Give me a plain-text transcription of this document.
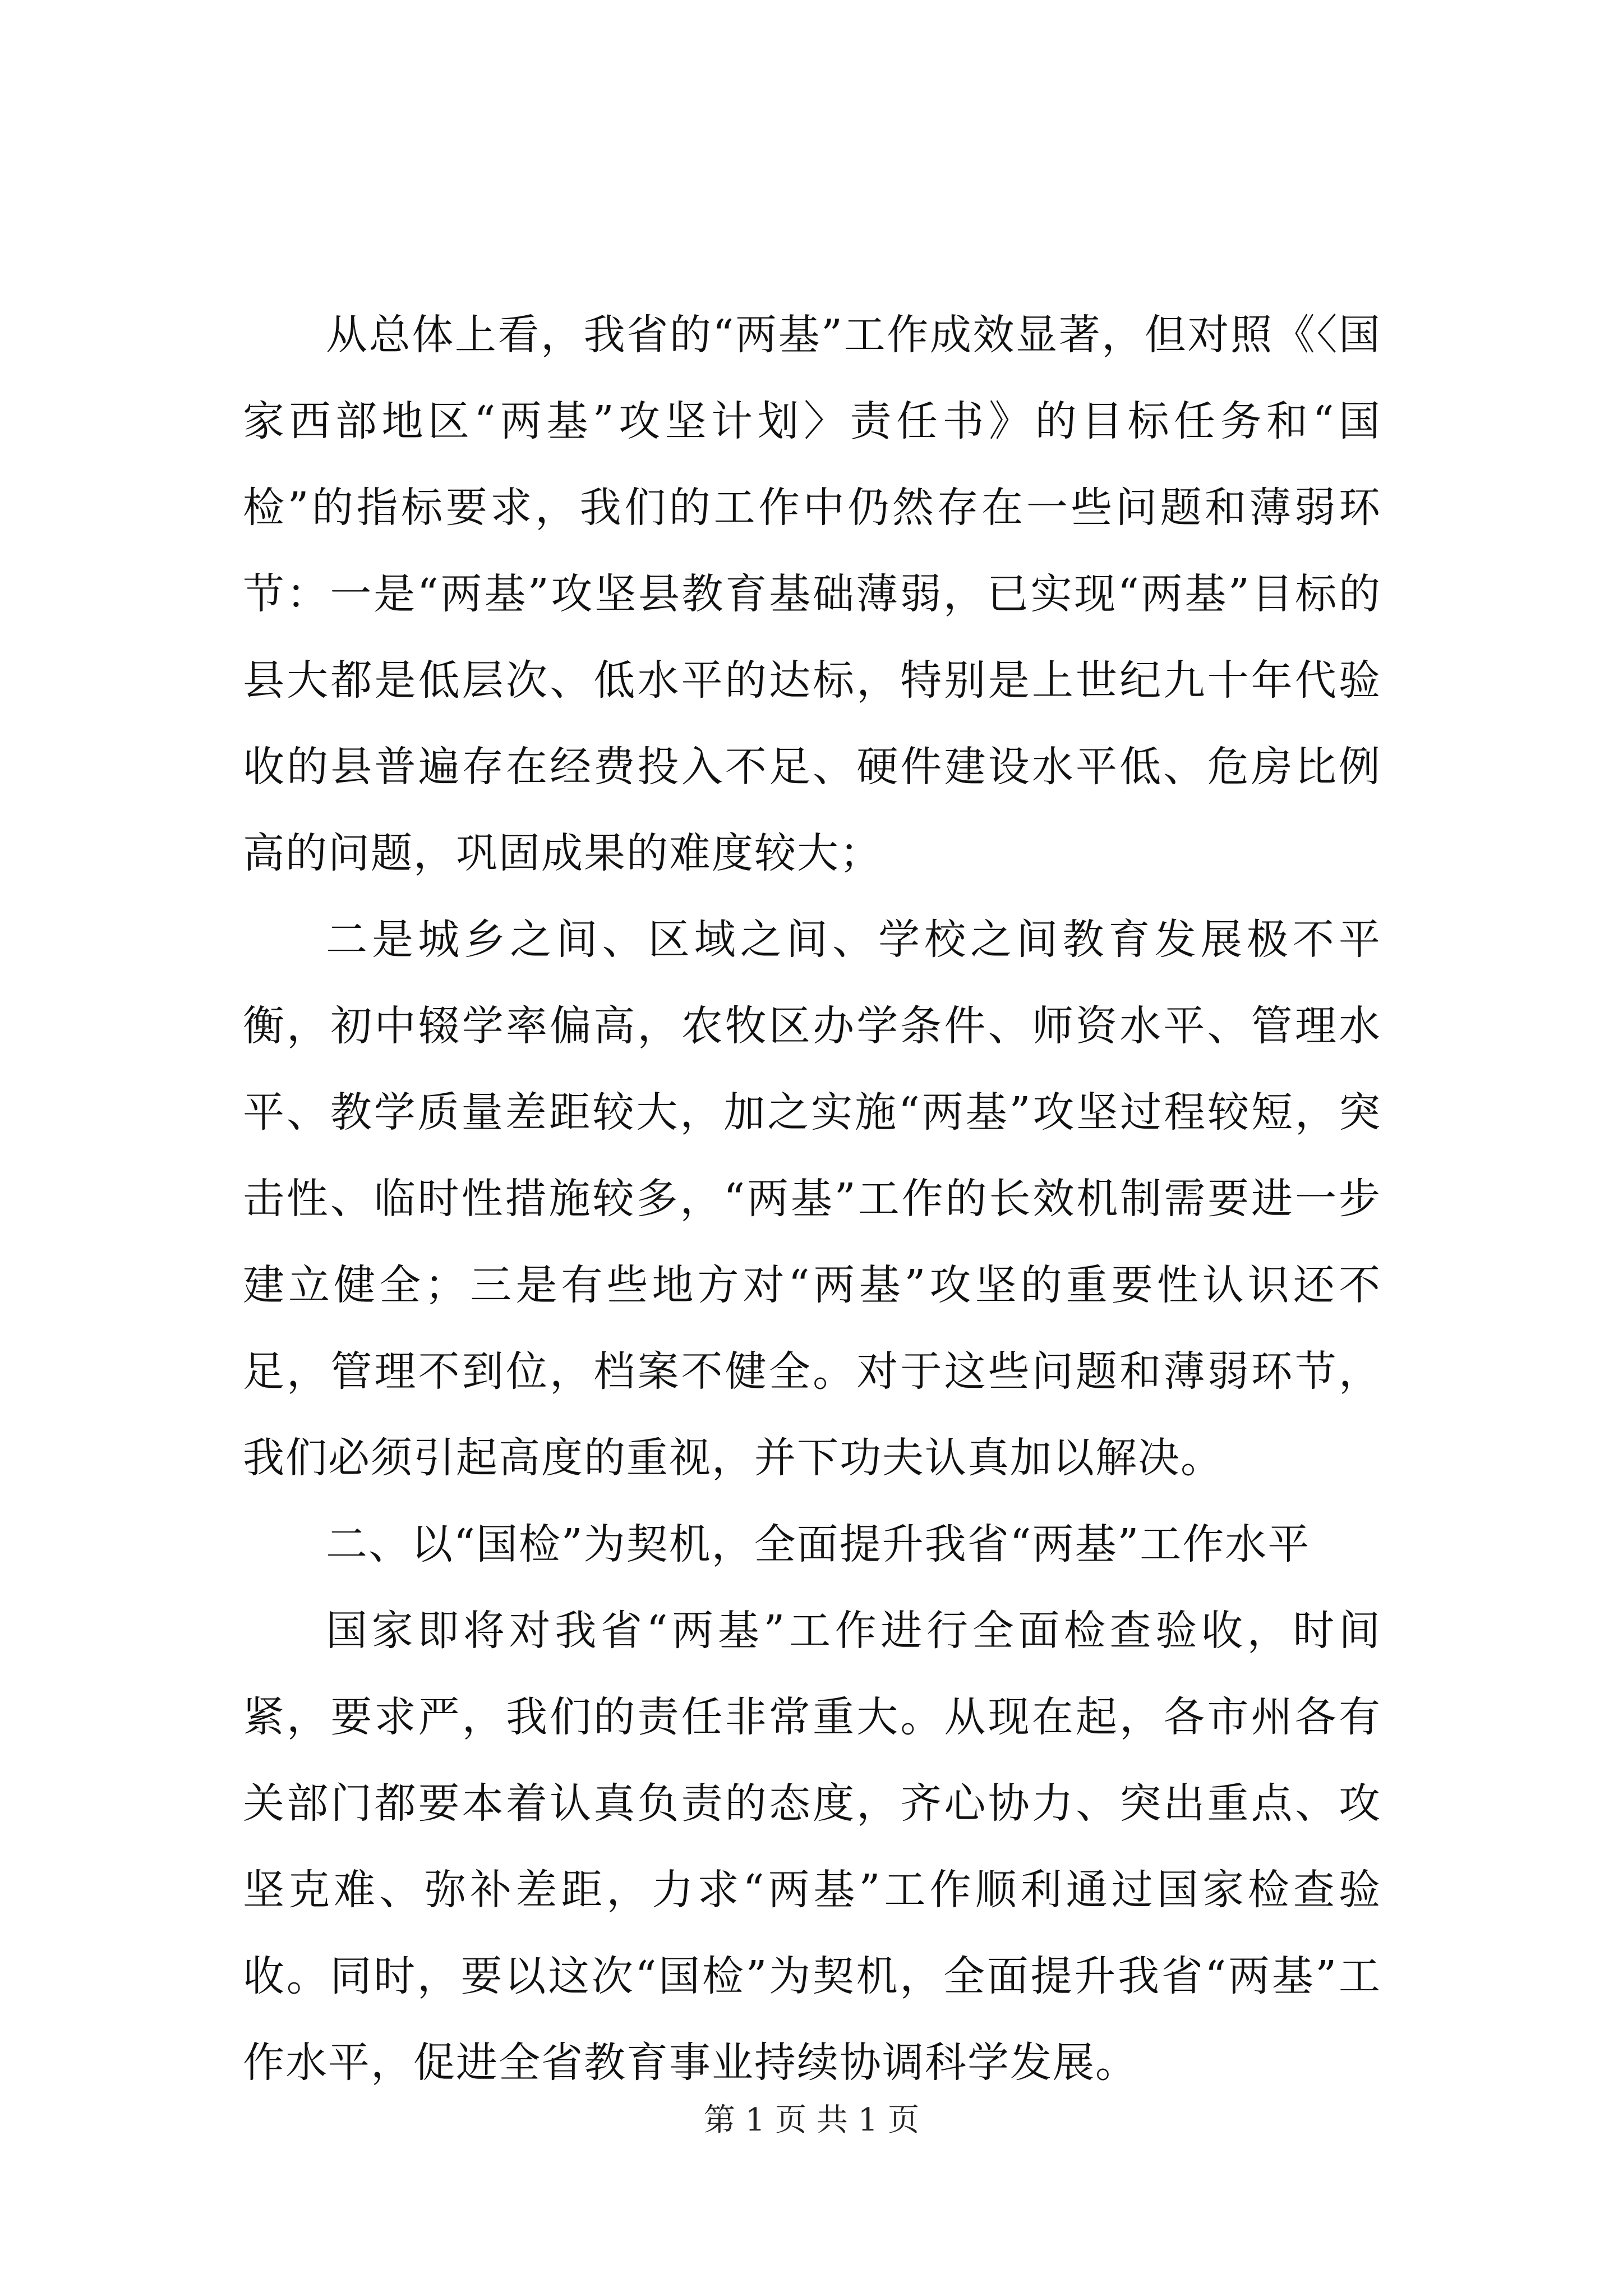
从总体上看，我省的“两基”工作成效显著，但对照《〈国家西部地区“两基”攻坚计划〉责任书》的目标任务和“国检”的指标要求，我们的工作中仍然存在一些问题和薄弱环节：一是“两基”攻坚县教育基础薄弱，已实现“两基”目标的县大都是低层次、低水平的达标，特别是上世纪九十年代验收的县普遍存在经费投入不足、硬件建设水平低、危房比例高的问题，巩固成果的难度较大；

二是城乡之间、区域之间、学校之间教育发展极不平衡，初中辍学率偏高，农牧区办学条件、师资水平、管理水平、教学质量差距较大，加之实施“两基”攻坚过程较短，突击性、临时性措施较多，“两基”工作的长效机制需要进一步建立健全；三是有些地方对“两基”攻坚的重要性认识还不足，管理不到位，档案不健全。对于这些问题和薄弱环节，我们必须引起高度的重视，并下功夫认真加以解决。

二、以“国检”为契机，全面提升我省“两基”工作水平

国家即将对我省“两基”工作进行全面检查验收，时间紧，要求严，我们的责任非常重大。从现在起，各市州各有关部门都要本着认真负责的态度，齐心协力、突出重点、攻坚克难、弥补差距，力求“两基”工作顺利通过国家检查验收。同时，要以这次“国检”为契机，全面提升我省“两基”工作水平，促进全省教育事业持续协调科学发展。

第 1 页 共 1 页
